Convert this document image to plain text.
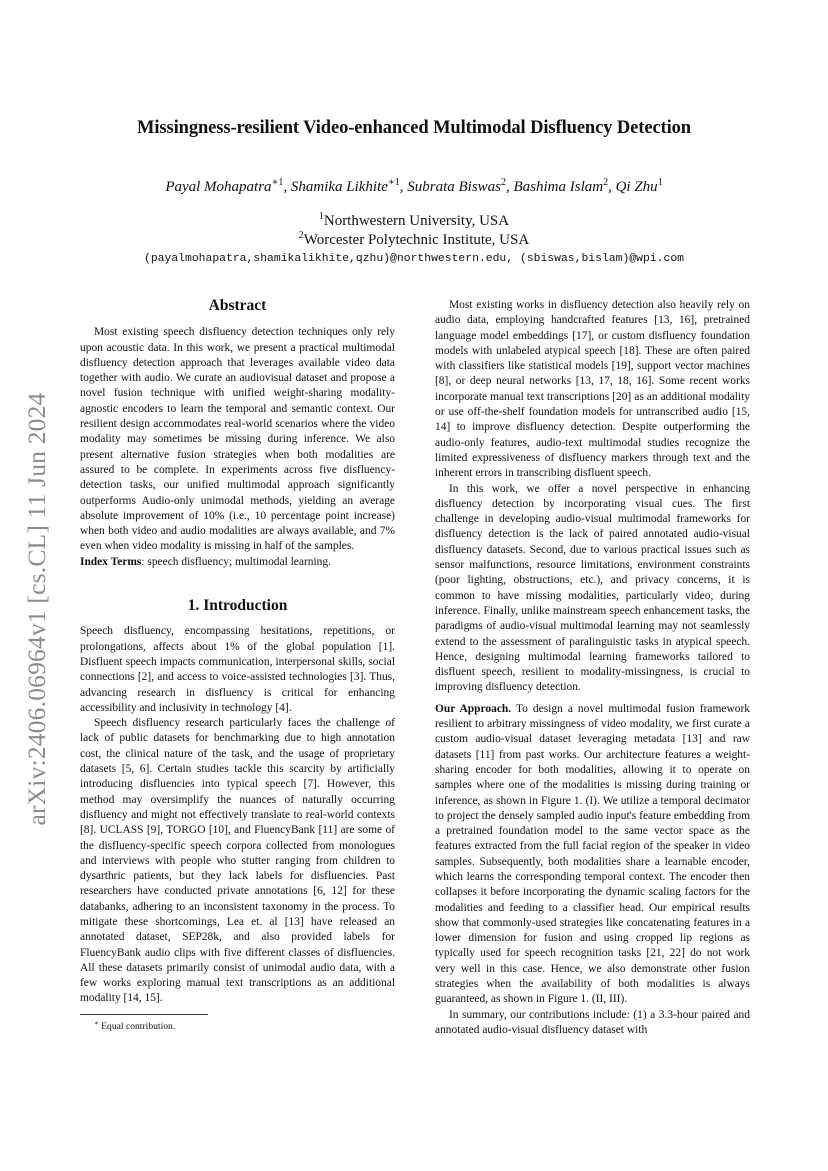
arXiv:2406.06964v1 [cs.CL] 11 Jun 2024
Missingness-resilient Video-enhanced Multimodal Disfluency Detection
Payal Mohapatra$^{∗1}$, Shamika Likhite$^{∗1}$, Subrata Biswas$^2$, Bashima Islam$^2$, Qi Zhu$^1$
$^1$Northwestern University, USA
$^2$Worcester Polytechnic Institute, USA
(payalmohapatra,shamikalikhite,qzhu)@northwestern.edu, (sbiswas,bislam)@wpi.com
Abstract

Most existing speech disfluency detection techniques only rely upon acoustic data. In this work, we present a practical multimodal disfluency detection approach that leverages available video data together with audio. We curate an audiovisual dataset and propose a novel fusion technique with unified weight-sharing modality-agnostic encoders to learn the temporal and semantic context. Our resilient design accommodates real-world scenarios where the video modality may sometimes be missing during inference. We also present alternative fusion strategies when both modalities are assured to be complete. In experiments across five disfluency-detection tasks, our unified multimodal approach significantly outperforms Audio-only unimodal methods, yielding an average absolute improvement of 10% (i.e., 10 percentage point increase) when both video and audio modalities are always available, and 7% even when video modality is missing in half of the samples.

Index Terms: speech disfluency; multimodal learning.

1. Introduction

Speech disfluency, encompassing hesitations, repetitions, or prolongations, affects about 1% of the global population [1]. Disfluent speech impacts communication, interpersonal skills, social connections [2], and access to voice-assisted technologies [3]. Thus, advancing research in disfluency is critical for enhancing accessibility and inclusivity in technology [4].

Speech disfluency research particularly faces the challenge of lack of public datasets for benchmarking due to high annotation cost, the clinical nature of the task, and the usage of proprietary datasets [5, 6]. Certain studies tackle this scarcity by artificially introducing disfluencies into typical speech [7]. However, this method may oversimplify the nuances of naturally occurring disfluency and might not effectively translate to real-world contexts [8]. UCLASS [9], TORGO [10], and FluencyBank [11] are some of the disfluency-specific speech corpora collected from monologues and interviews with people who stutter ranging from children to dysarthric patients, but they lack labels for disfluencies. Past researchers have conducted private annotations [6, 12] for these databanks, adhering to an inconsistent taxonomy in the process. To mitigate these shortcomings, Lea et. al [13] have released an annotated dataset, SEP28k, and also provided labels for FluencyBank audio clips with five different classes of disfluencies. All these datasets primarily consist of unimodal audio data, with a few works exploring manual text transcriptions as an additional modality [14, 15].

∗ Equal contribution.

Most existing works in disfluency detection also heavily rely on audio data, employing handcrafted features [13, 16], pretrained language model embeddings [17], or custom disfluency foundation models with unlabeled atypical speech [18]. These are often paired with classifiers like statistical models [19], support vector machines [8], or deep neural networks [13, 17, 18, 16]. Some recent works incorporate manual text transcriptions [20] as an additional modality or use off-the-shelf foundation models for untranscribed audio [15, 14] to improve disfluency detection. Despite outperforming the audio-only features, audio-text multimodal studies recognize the limited expressiveness of disfluency markers through text and the inherent errors in transcribing disfluent speech.

In this work, we offer a novel perspective in enhancing disfluency detection by incorporating visual cues. The first challenge in developing audio-visual multimodal frameworks for disfluency detection is the lack of paired annotated audio-visual disfluency datasets. Second, due to various practical issues such as sensor malfunctions, resource limitations, environment constraints (poor lighting, obstructions, etc.), and privacy concerns, it is common to have missing modalities, particularly video, during inference. Finally, unlike mainstream speech enhancement tasks, the paradigms of audio-visual multimodal learning may not seamlessly extend to the assessment of paralinguistic tasks in atypical speech. Hence, designing multimodal learning frameworks tailored to disfluent speech, resilient to modality-missingness, is crucial to improving disfluency detection.

Our Approach. To design a novel multimodal fusion framework resilient to arbitrary missingness of video modality, we first curate a custom audio-visual dataset leveraging metadata [13] and raw datasets [11] from past works. Our architecture features a weight-sharing encoder for both modalities, allowing it to operate on samples where one of the modalities is missing during training or inference, as shown in Figure 1. (I). We utilize a temporal decimator to project the densely sampled audio input's feature embedding from a pretrained foundation model to the same vector space as the features extracted from the full facial region of the speaker in video samples. Subsequently, both modalities share a learnable encoder, which learns the corresponding temporal context. The encoder then collapses it before incorporating the dynamic scaling factors for the modalities and feeding to a classifier head. Our empirical results show that commonly-used strategies like concatenating features in a lower dimension for fusion and using cropped lip regions as typically used for speech recognition tasks [21, 22] do not work very well in this case. Hence, we also demonstrate other fusion strategies when the availability of both modalities is always guaranteed, as shown in Figure 1. (II, III).

In summary, our contributions include: (1) a 3.3-hour paired and annotated audio-visual disfluency dataset with
